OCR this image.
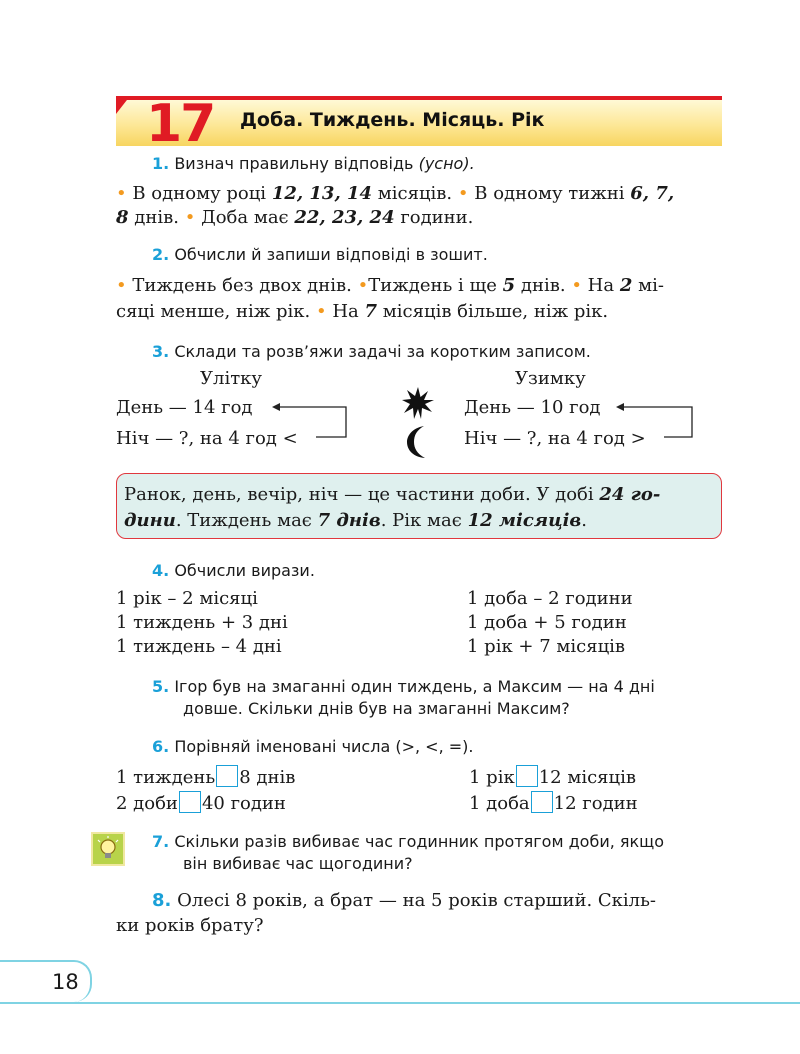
17 Доба. Тиждень. Місяць. Рік
1. Визнач правильну відповідь (усно).
• В одному році 12, 13, 14 місяців. • В одному тижні 6, 7,
8 днів. • Доба має 22, 23, 24 години.
2. Обчисли й запиши відповіді в зошит.
• Тиждень без двох днів. •Тиждень і ще 5 днів. • На 2 мі-
сяці менше, ніж рік. • На 7 місяців більше, ніж рік.
3. Склади та розв’яжи задачі за коротким записом.
Улітку
День — 14 год
Ніч — ?, на 4 год <
Узимку
День — 10 год
Ніч — ?, на 4 год >
Ранок, день, вечір, ніч — це частини доби. У добі 24 го-
дини. Тиждень має 7 днів. Рік має 12 місяців.
4. Обчисли вирази.
1 рік – 2 місяці
1 тиждень + 3 дні
1 тиждень – 4 дні
1 доба – 2 години
1 доба + 5 годин
1 рік + 7 місяців
5. Ігор був на змаганні один тиждень, а Максим — на 4 дні
довше. Скільки днів був на змаганні Максим?
6. Порівняй іменовані числа (>, <, =).
1 тиждень 8 днів	1 рік 12 місяців
2 доби 40 годин	1 доба 12 годин
7. Скільки разів вибиває час годинник протягом доби, якщо
він вибиває час щогодини?
8. Олесі 8 років, а брат — на 5 років старший. Скіль-
ки років брату?
18
